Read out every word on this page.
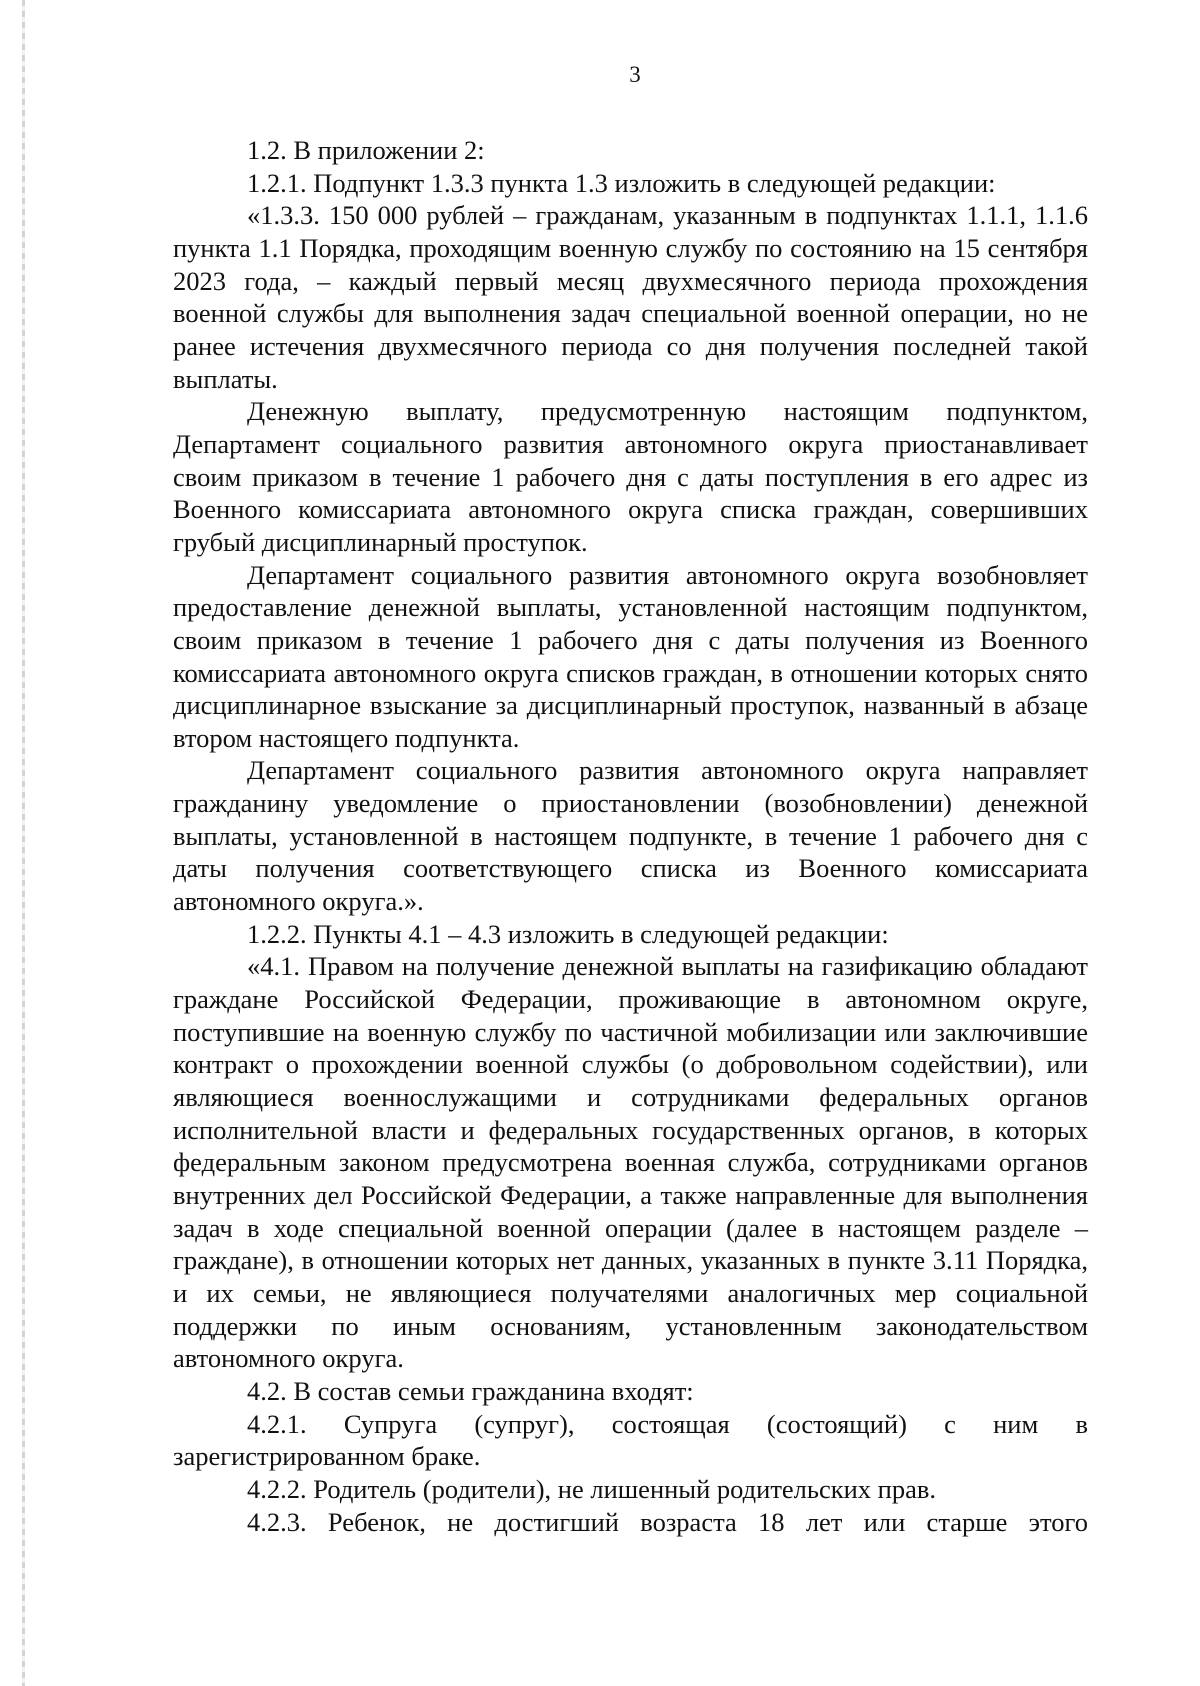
3

1.2. В приложении 2:

1.2.1. Подпункт 1.3.3 пункта 1.3 изложить в следующей редакции:

«1.3.3. 150 000 рублей – гражданам, указанным в подпунктах 1.1.1, 1.1.6 пункта 1.1 Порядка, проходящим военную службу по состоянию на 15 сентября 2023 года, – каждый первый месяц двухмесячного периода прохождения военной службы для выполнения задач специальной военной операции, но не ранее истечения двухмесячного периода со дня получения последней такой выплаты.

Денежную выплату, предусмотренную настоящим подпунктом, Департамент социального развития автономного округа приостанавливает своим приказом в течение 1 рабочего дня с даты поступления в его адрес из Военного комиссариата автономного округа списка граждан, совершивших грубый дисциплинарный проступок.

Департамент социального развития автономного округа возобновляет предоставление денежной выплаты, установленной настоящим подпунктом, своим приказом в течение 1 рабочего дня с даты получения из Военного комиссариата автономного округа списков граждан, в отношении которых снято дисциплинарное взыскание за дисциплинарный проступок, названный в абзаце втором настоящего подпункта.

Департамент социального развития автономного округа направляет гражданину уведомление о приостановлении (возобновлении) денежной выплаты, установленной в настоящем подпункте, в течение 1 рабочего дня с даты получения соответствующего списка из Военного комиссариата автономного округа.».

1.2.2. Пункты 4.1 – 4.3 изложить в следующей редакции:

«4.1. Правом на получение денежной выплаты на газификацию обладают граждане Российской Федерации, проживающие в автономном округе, поступившие на военную службу по частичной мобилизации или заключившие контракт о прохождении военной службы (о добровольном содействии), или являющиеся военнослужащими и сотрудниками федеральных органов исполнительной власти и федеральных государственных органов, в которых федеральным законом предусмотрена военная служба, сотрудниками органов внутренних дел Российской Федерации, а также направленные для выполнения задач в ходе специальной военной операции (далее в настоящем разделе – граждане), в отношении которых нет данных, указанных в пункте 3.11 Порядка, и их семьи, не являющиеся получателями аналогичных мер социальной поддержки по иным основаниям, установленным законодательством автономного округа.

4.2. В состав семьи гражданина входят:

4.2.1. Супруга (супруг), состоящая (состоящий) с ним в зарегистрированном браке.

4.2.2. Родитель (родители), не лишенный родительских прав.

4.2.3. Ребенок, не достигший возраста 18 лет или старше этого
